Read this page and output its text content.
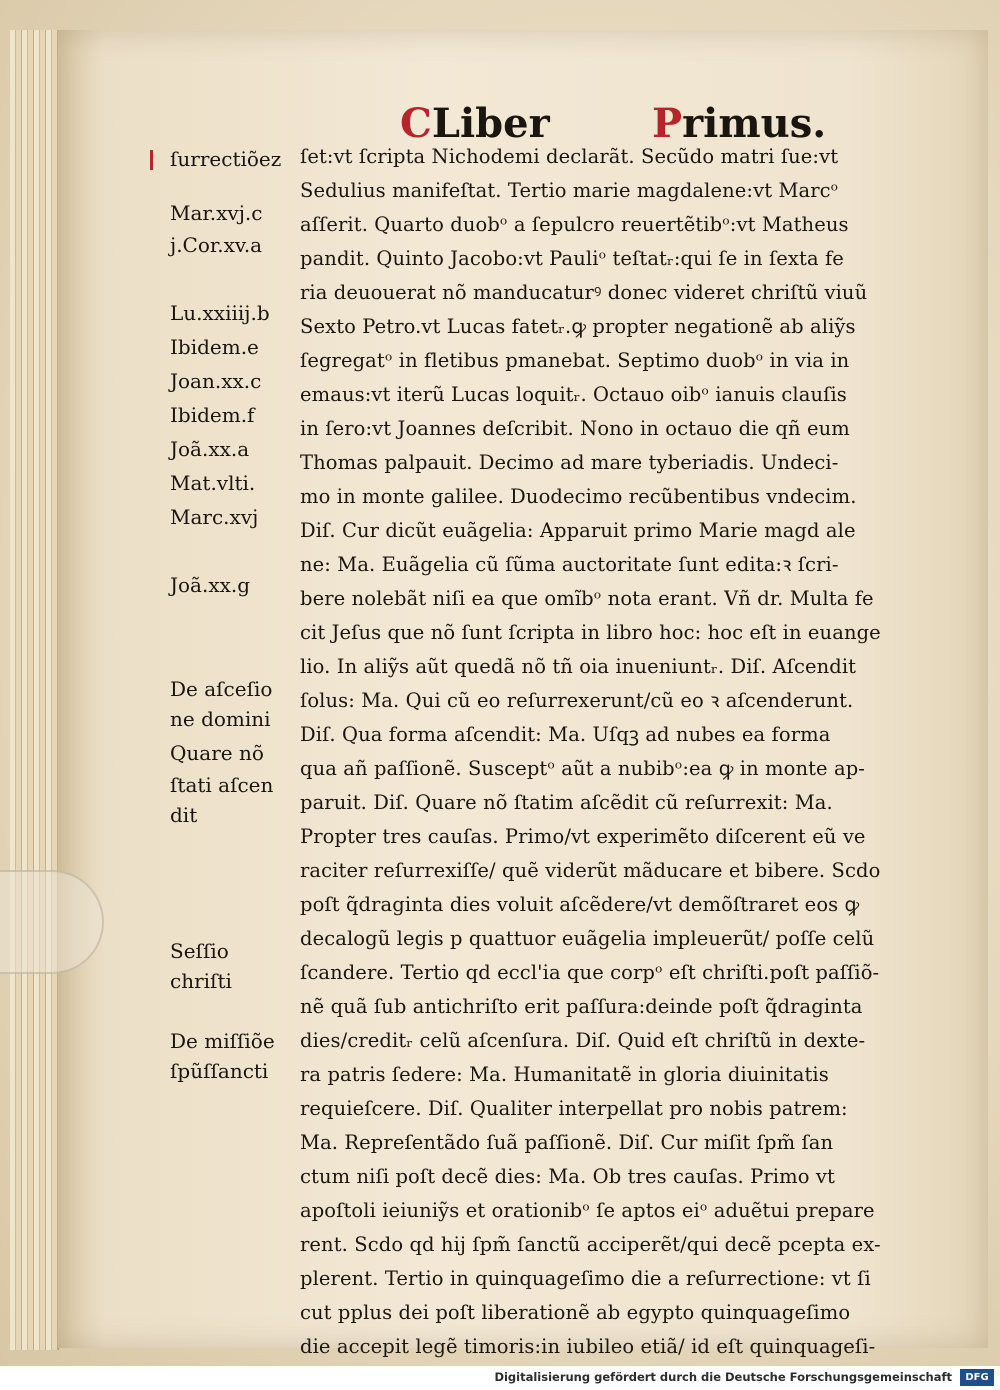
CLiber	Primus.
ſurrectiõez
Mar.xvj.c
j.Cor.xv.a
Lu.xxiiij.b
Ibidem.e
Joan.xx.c
Ibidem.f
Joã.xx.a
Mat.vlti.
Marc.xvj
Joã.xx.g
De aſceſio
ne domini
Quare nõ
ſtati aſcen
dit
Seſſio
chriſti
De miſſiõe
ſpũſſancti
ſet:vt ſcripta Nichodemi declarãt. Secũdo matri ſue:vt
Sedulius manifeſtat. Tertio marie magdalene:vt Marcᵒ
aſſerit. Quarto duobᵒ a ſepulcro reuertẽtibᵒ:vt Matheus
pandit. Quinto Jacobo:vt Pauliᵒ teſtatᵣ:qui ſe in ſexta fe
ria deuouerat nõ manducaturꝰ donec videret chriſtũ viuũ
Sexto Petro.vt Lucas fatetᵣ.ꝙ propter negationẽ ab aliỹs
ſegregatᵒ in fletibus pmanebat. Septimo duobᵒ in via in
emaus:vt iterũ Lucas loquitᵣ. Octauo oibᵒ ianuis clauſis
in ſero:vt Joannes deſcribit. Nono in octauo die qñ eum
Thomas palpauit. Decimo ad mare tyberiadis. Undeci-
mo in monte galilee. Duodecimo recũbentibus vndecim.
Diſ. Cur dicũt euãgelia: Apparuit primo Marie magd ale
ne: Ma. Euãgelia cũ ſũma auctoritate ſunt edita:ꝛ ſcri-
bere nolebãt niſi ea que omĩbᵒ nota erant. Vñ dr. Multa fe
cit Jeſus que nõ ſunt ſcripta in libro hoc: hoc eſt in euange
lio. In aliỹs aũt quedã nõ tñ oia inueniuntᵣ. Diſ. Aſcendit
ſolus: Ma. Qui cũ eo reſurrexerunt/cũ eo ꝛ aſcenderunt.
Diſ. Qua forma aſcendit: Ma. Uſqꝫ ad nubes ea forma
qua añ paſſionẽ. Susceptᵒ aũt a nubibᵒ:ea ꝙ in monte ap-
paruit. Diſ. Quare nõ ſtatim aſcẽdit cũ reſurrexit: Ma.
Propter tres cauſas. Primo/vt experimẽto diſcerent eũ ve
raciter reſurrexiſſe/ quẽ viderũt mãducare et bibere. Scdo
poſt q̃draginta dies voluit aſcẽdere/vt demõſtraret eos ꝙ
decalogũ legis p quattuor euãgelia impleuerũt/ poſſe celũ
ſcandere. Tertio qd eccl'ia que corpᵒ eſt chriſti.poſt paſſiõ-
nẽ quã ſub antichriſto erit paſſura:deinde poſt q̃draginta
dies/creditᵣ celũ aſcenſura. Diſ. Quid eſt chriſtũ in dexte-
ra patris ſedere: Ma. Humanitatẽ in gloria diuinitatis
requieſcere. Diſ. Qualiter interpellat pro nobis patrem:
Ma. Repreſentãdo ſuã paſſionẽ. Diſ. Cur miſit ſpm̃ ſan
ctum niſi poſt decẽ dies: Ma. Ob tres cauſas. Primo vt
apoſtoli ieiuniỹs et orationibᵒ ſe aptos eiᵒ aduẽtui prepare
rent. Scdo qd hij ſpm̃ ſanctũ acciperẽt/qui decẽ pcepta ex-
plerent. Tertio in quinquageſimo die a reſurrectione: vt ſi
cut pplus dei poſt liberationẽ ab egypto quinquageſimo
die accepit legẽ timoris:in iubileo etiã/ id eſt quinquageſi-
Digitalisierung gefördert durch die Deutsche Forschungsgemeinschaft	DFG
